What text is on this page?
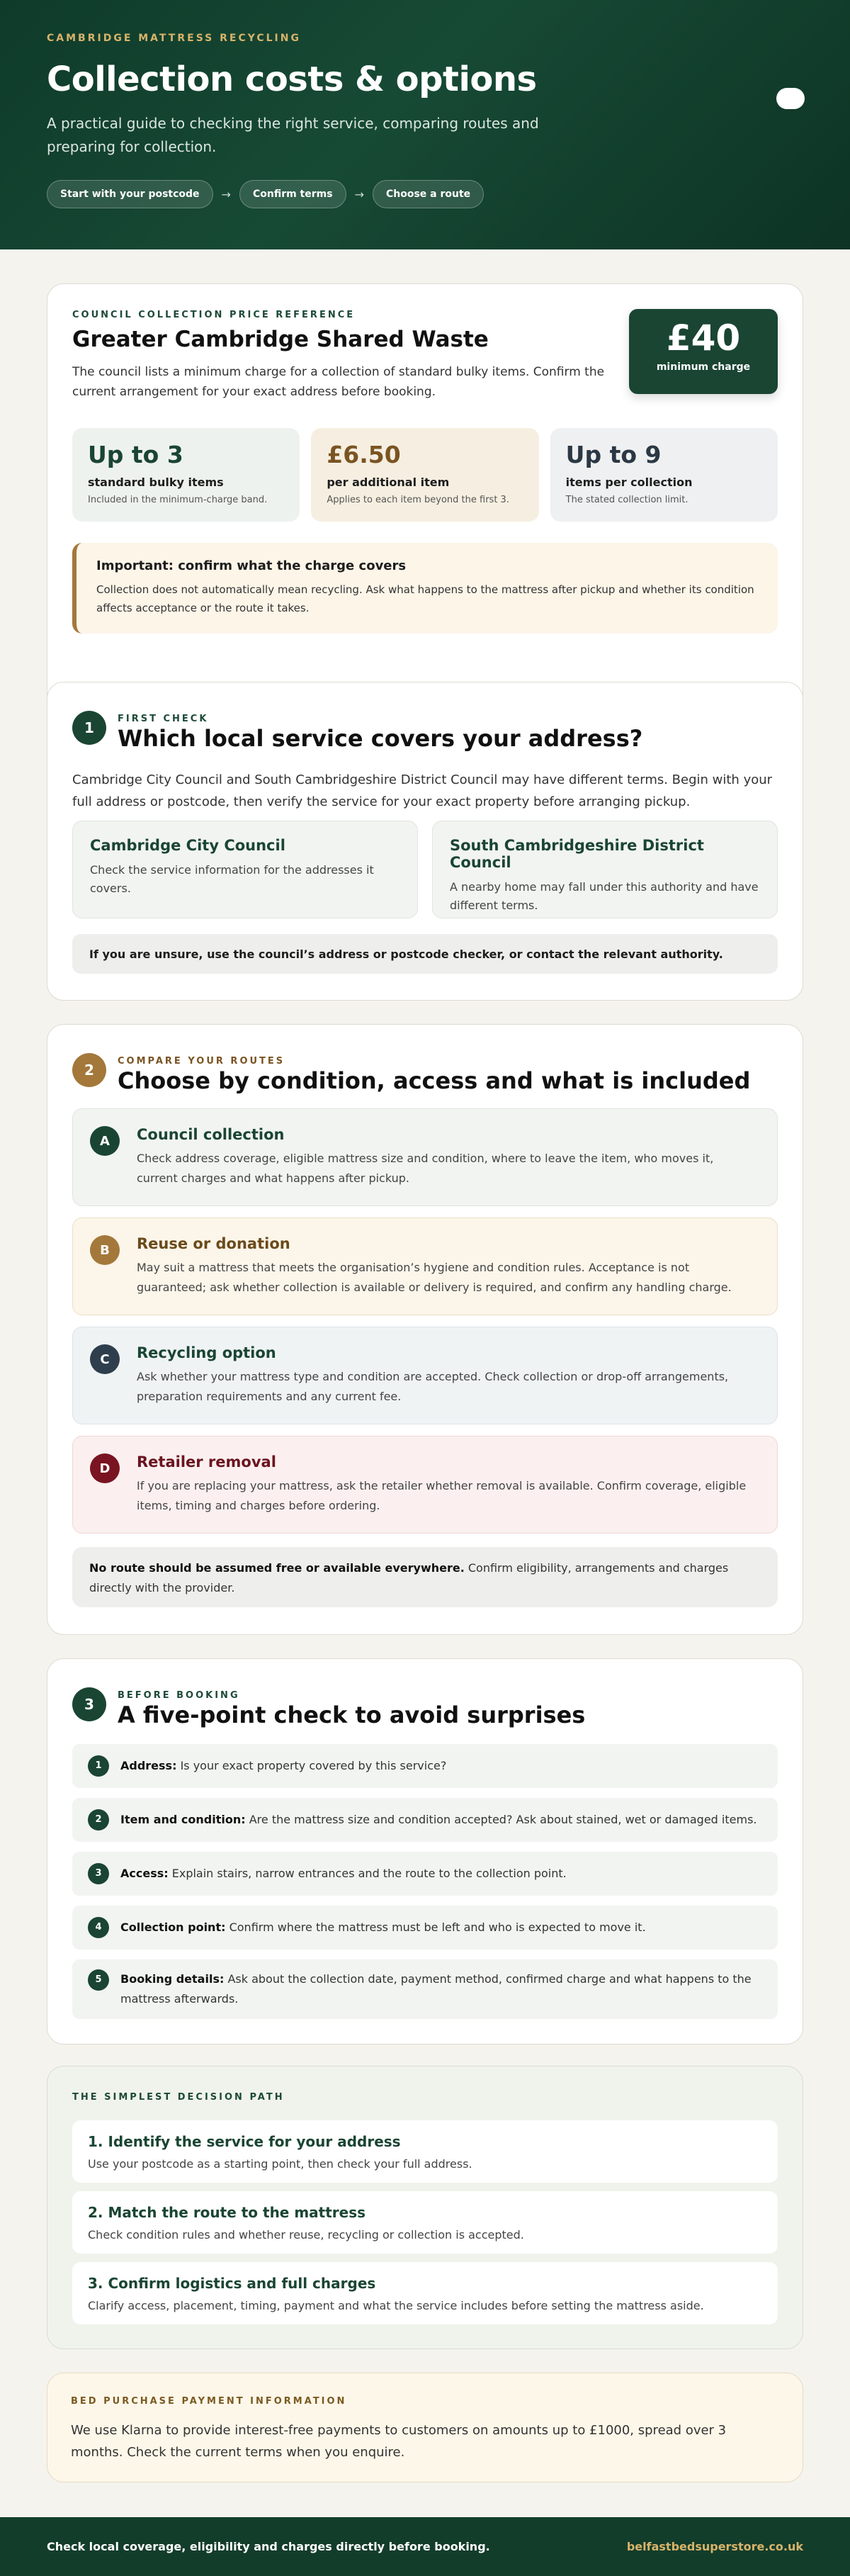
CAMBRIDGE MATTRESS RECYCLING
Collection costs & options

A practical guide to checking the right service, comparing routes and preparing for collection.

Start with your postcode	→	Confirm terms	→	Choose a route
COUNCIL COLLECTION PRICE REFERENCE
Greater Cambridge Shared Waste

The council lists a minimum charge for a collection of standard bulky items. Confirm the current arrangement for your exact address before booking.

£40
minimum charge
Up to 3
standard bulky items
Included in the minimum-charge band.
£6.50
per additional item
Applies to each item beyond the first 3.
Up to 9
items per collection
The stated collection limit.
Important: confirm what the charge covers
Collection does not automatically mean recycling. Ask what happens to the mattress after pickup and whether its condition affects acceptance or the route it takes.
1
FIRST CHECK
Which local service covers your address?

Cambridge City Council and South Cambridgeshire District Council may have different terms. Begin with your full address or postcode, then verify the service for your exact property before arranging pickup.

Cambridge City Council
Check the service information for the addresses it covers.
South Cambridgeshire District Council
A nearby home may fall under this authority and have different terms.
If you are unsure, use the council’s address or postcode checker, or contact the relevant authority.
2
COMPARE YOUR ROUTES
Choose by condition, access and what is included
A	Council collection
Check address coverage, eligible mattress size and condition, where to leave the item, who moves it, current charges and what happens after pickup.
B	Reuse or donation
May suit a mattress that meets the organisation’s hygiene and condition rules. Acceptance is not guaranteed; ask whether collection is available or delivery is required, and confirm any handling charge.
C	Recycling option
Ask whether your mattress type and condition are accepted. Check collection or drop-off arrangements, preparation requirements and any current fee.
D	Retailer removal
If you are replacing your mattress, ask the retailer whether removal is available. Confirm coverage, eligible items, timing and charges before ordering.
No route should be assumed free or available everywhere. Confirm eligibility, arrangements and charges directly with the provider.
3
BEFORE BOOKING
A five-point check to avoid surprises
1	Address: Is your exact property covered by this service?
2	Item and condition: Are the mattress size and condition accepted? Ask about stained, wet or damaged items.
3	Access: Explain stairs, narrow entrances and the route to the collection point.
4	Collection point: Confirm where the mattress must be left and who is expected to move it.
5	Booking details: Ask about the collection date, payment method, confirmed charge and what happens to the mattress afterwards.
THE SIMPLEST DECISION PATH
1. Identify the service for your address
Use your postcode as a starting point, then check your full address.
2. Match the route to the mattress
Check condition rules and whether reuse, recycling or collection is accepted.
3. Confirm logistics and full charges
Clarify access, placement, timing, payment and what the service includes before setting the mattress aside.
BED PURCHASE PAYMENT INFORMATION

We use Klarna to provide interest-free payments to customers on amounts up to £1000, spread over 3 months. Check the current terms when you enquire.

Check local coverage, eligibility and charges directly before booking.	belfastbedsuperstore.co.uk
